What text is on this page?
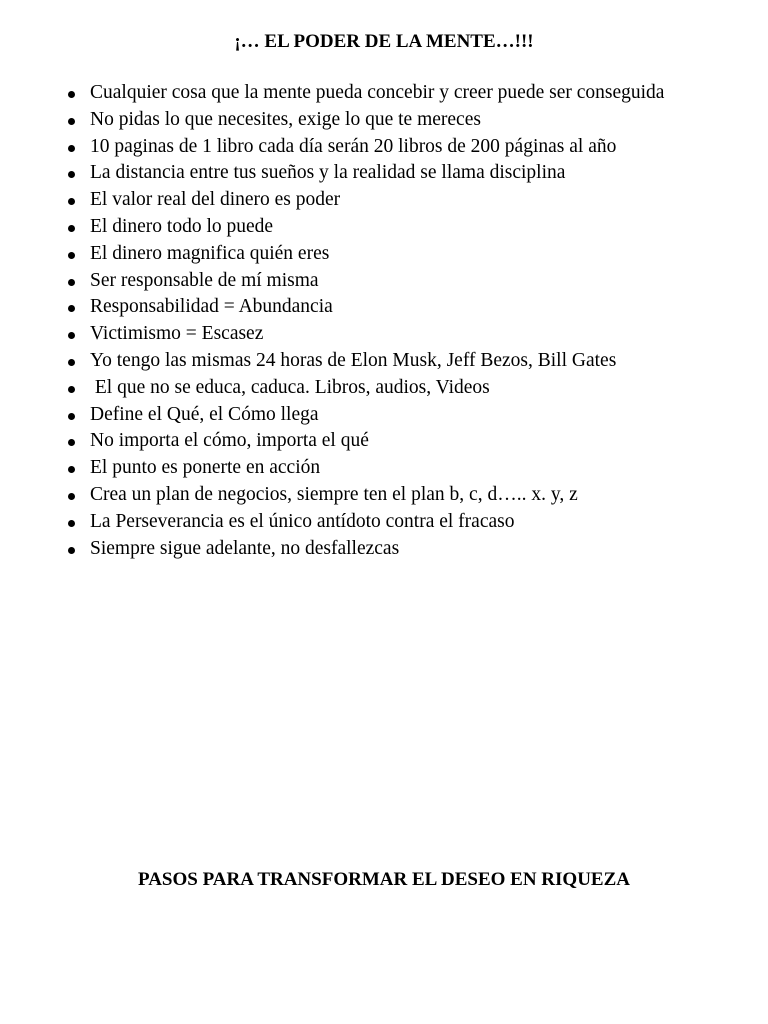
¡… EL PODER DE LA MENTE…!!!
Cualquier cosa que la mente pueda concebir y creer puede ser conseguida
No pidas lo que necesites, exige lo que te mereces
10 paginas de 1 libro cada día serán 20 libros de 200 páginas al año
La distancia entre tus sueños y la realidad se llama disciplina
El valor real del dinero es poder
El dinero todo lo puede
El dinero magnifica quién eres
Ser responsable de mí misma
Responsabilidad = Abundancia
Victimismo = Escasez
Yo tengo las mismas 24 horas de Elon Musk, Jeff Bezos, Bill Gates
El que no se educa, caduca. Libros, audios, Videos
Define el Qué, el Cómo llega
No importa el cómo, importa el qué
El punto es ponerte en acción
Crea un plan de negocios, siempre ten el plan b, c, d….. x. y, z
La Perseverancia es el único antídoto contra el fracaso
Siempre sigue adelante, no desfallezcas
PASOS PARA TRANSFORMAR EL DESEO EN RIQUEZA
